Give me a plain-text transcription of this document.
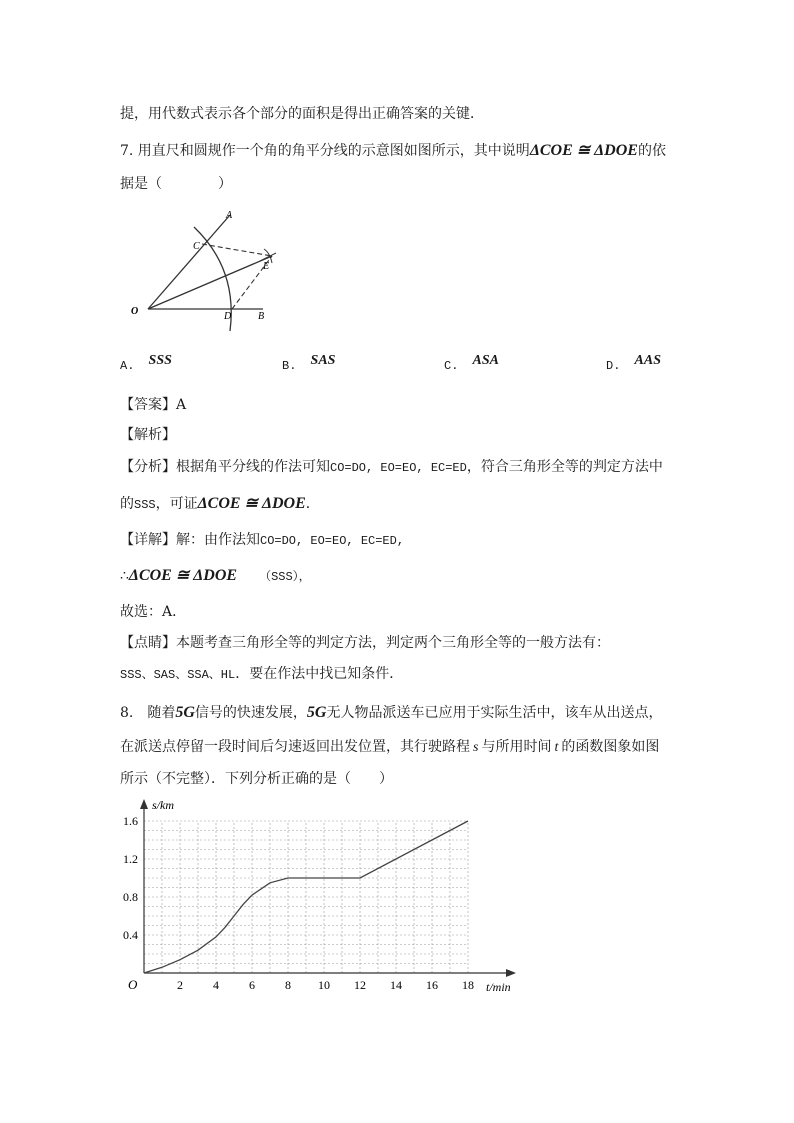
提，用代数式表示各个部分的面积是得出正确答案的关键．
7. 用直尺和圆规作一个角的角平分线的示意图如图所示，其中说明ΔCOE ≅ ΔDOE的依
据是（　　　　）
A
C
E
O	D	B
A. SSS	B. SAS	C. ASA	D. AAS
【答案】A
【解析】
【分析】根据角平分线的作法可知CO=DO, EO=EO, EC=ED，符合三角形全等的判定方法中
的SSS，可证ΔCOE ≅ ΔDOE．
【详解】解：由作法知CO=DO, EO=EO, EC=ED,
∴ΔCOE ≅ ΔDOE （SSS），
故选：A．
【点睛】本题考查三角形全等的判定方法，判定两个三角形全等的一般方法有：
SSS、SAS、SSA、HL．要在作法中找已知条件．
8.　随着5G信号的快速发展，5G无人物品派送车已应用于实际生活中，该车从出送点，
在派送点停留一段时间后匀速返回出发位置，其行驶路程 s 与所用时间 t 的函数图象如图
所示（不完整）．下列分析正确的是（　　）
2	4	6	8 10 12 14 16 18
0.4
0.8
1.2
1.6
s/km
t/min
O
